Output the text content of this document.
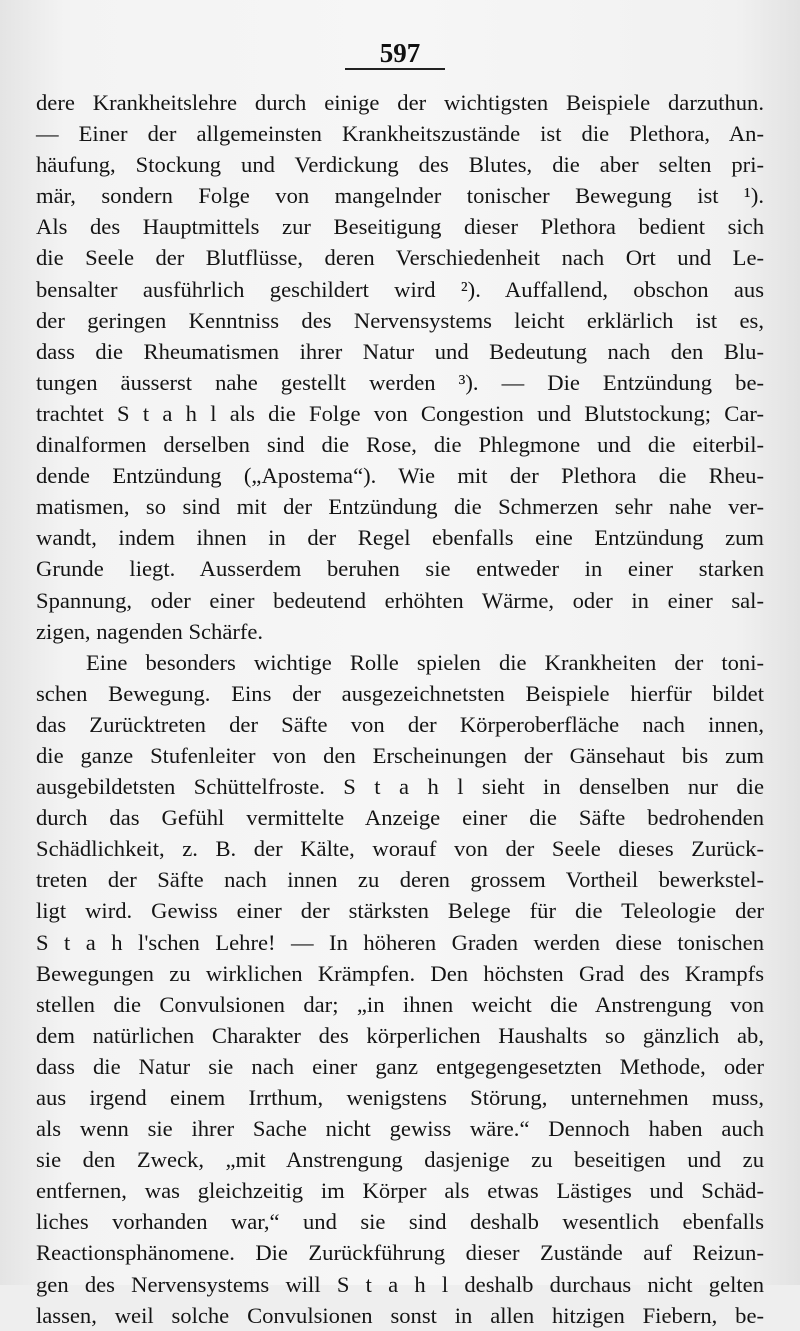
597
dere Krankheitslehre durch einige der wichtigsten Beispiele darzuthun.
— Einer der allgemeinsten Krankheitszustände ist die Plethora, An-
häufung, Stockung und Verdickung des Blutes, die aber selten pri-
mär, sondern Folge von mangelnder tonischer Bewegung ist ¹).
Als des Hauptmittels zur Beseitigung dieser Plethora bedient sich
die Seele der Blutflüsse, deren Verschiedenheit nach Ort und Le-
bensalter ausführlich geschildert wird ²). Auffallend, obschon aus
der geringen Kenntniss des Nervensystems leicht erklärlich ist es,
dass die Rheumatismen ihrer Natur und Bedeutung nach den Blu-
tungen äusserst nahe gestellt werden ³). — Die Entzündung be-
trachtet S t a h l als die Folge von Congestion und Blutstockung; Car-
dinalformen derselben sind die Rose, die Phlegmone und die eiterbil-
dende Entzündung („Apostema“). Wie mit der Plethora die Rheu-
matismen, so sind mit der Entzündung die Schmerzen sehr nahe ver-
wandt, indem ihnen in der Regel ebenfalls eine Entzündung zum
Grunde liegt. Ausserdem beruhen sie entweder in einer starken
Spannung, oder einer bedeutend erhöhten Wärme, oder in einer sal-
zigen, nagenden Schärfe.
Eine besonders wichtige Rolle spielen die Krankheiten der toni-
schen Bewegung. Eins der ausgezeichnetsten Beispiele hierfür bildet
das Zurücktreten der Säfte von der Körperoberfläche nach innen,
die ganze Stufenleiter von den Erscheinungen der Gänsehaut bis zum
ausgebildetsten Schüttelfroste. S t a h l sieht in denselben nur die
durch das Gefühl vermittelte Anzeige einer die Säfte bedrohenden
Schädlichkeit, z. B. der Kälte, worauf von der Seele dieses Zurück-
treten der Säfte nach innen zu deren grossem Vortheil bewerkstel-
ligt wird. Gewiss einer der stärksten Belege für die Teleologie der
S t a h l'schen Lehre! — In höheren Graden werden diese tonischen
Bewegungen zu wirklichen Krämpfen. Den höchsten Grad des Krampfs
stellen die Convulsionen dar; „in ihnen weicht die Anstrengung von
dem natürlichen Charakter des körperlichen Haushalts so gänzlich ab,
dass die Natur sie nach einer ganz entgegengesetzten Methode, oder
aus irgend einem Irrthum, wenigstens Störung, unternehmen muss,
als wenn sie ihrer Sache nicht gewiss wäre.“ Dennoch haben auch
sie den Zweck, „mit Anstrengung dasjenige zu beseitigen und zu
entfernen, was gleichzeitig im Körper als etwas Lästiges und Schäd-
liches vorhanden war,“ und sie sind deshalb wesentlich ebenfalls
Reactionsphänomene. Die Zurückführung dieser Zustände auf Reizun-
gen des Nervensystems will S t a h l deshalb durchaus nicht gelten
lassen, weil solche Convulsionen sonst in allen hitzigen Fiebern, be-
